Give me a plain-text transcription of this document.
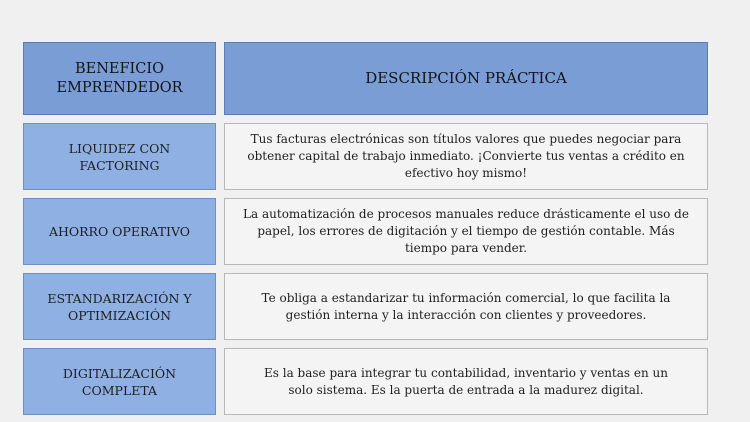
BENEFICIO EMPRENDEDOR
DESCRIPCIÓN PRÁCTICA
LIQUIDEZ CON FACTORING
Tus facturas electrónicas son títulos valores que puedes negociar para obtener capital de trabajo inmediato. ¡Convierte tus ventas a crédito en efectivo hoy mismo!
AHORRO OPERATIVO
La automatización de procesos manuales reduce drásticamente el uso de papel, los errores de digitación y el tiempo de gestión contable. Más tiempo para vender.
ESTANDARIZACIÓN Y OPTIMIZACIÓN
Te obliga a estandarizar tu información comercial, lo que facilita la gestión interna y la interacción con clientes y proveedores.
DIGITALIZACIÓN COMPLETA
Es la base para integrar tu contabilidad, inventario y ventas en un solo sistema. Es la puerta de entrada a la madurez digital.
